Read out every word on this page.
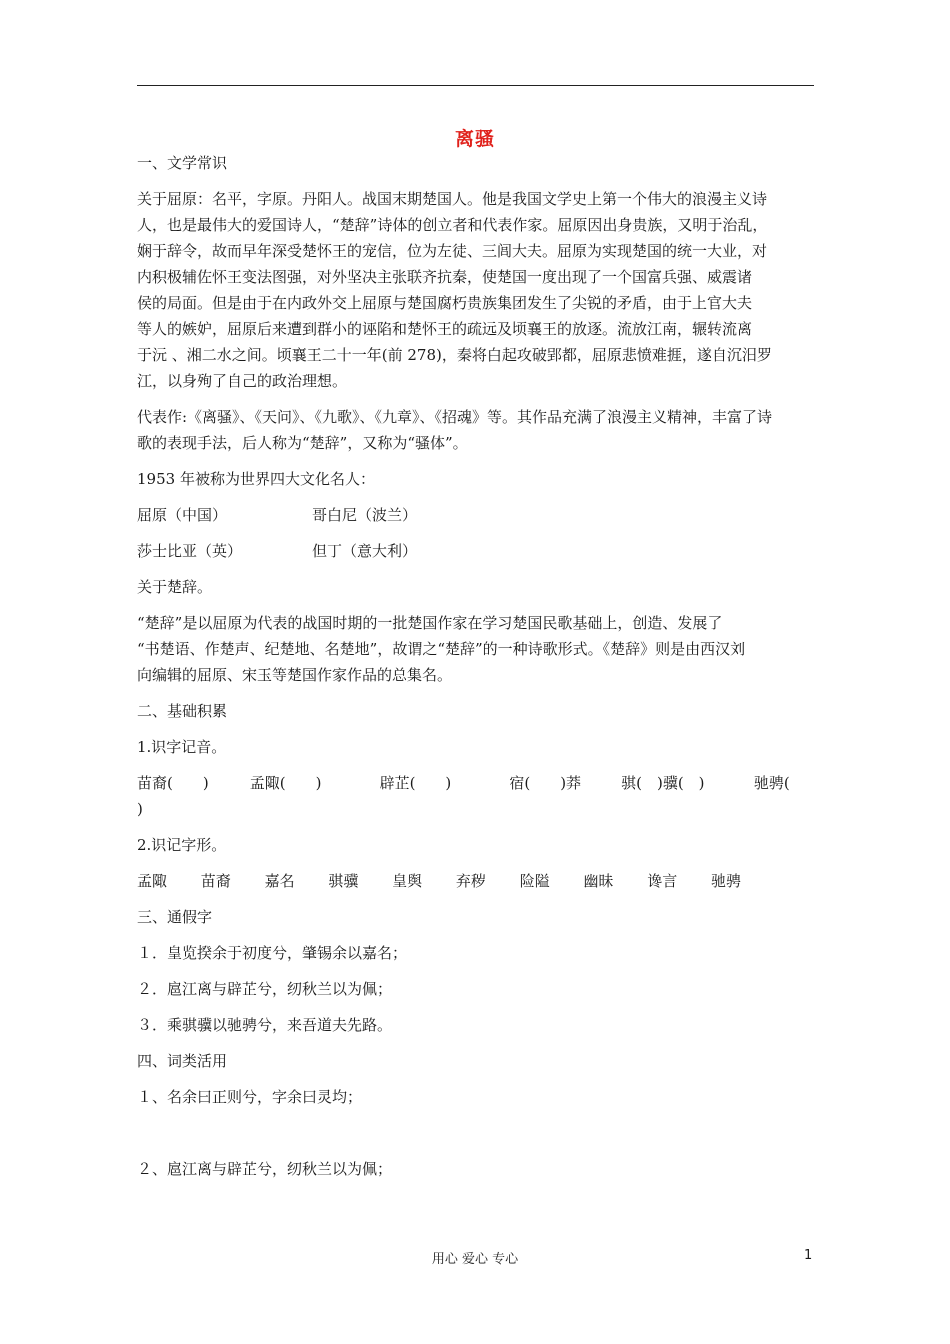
离骚
一、文学常识
关于屈原：名平，字原。丹阳人。战国末期楚国人。他是我国文学史上第一个伟大的浪漫主义诗
人，也是最伟大的爱国诗人，“楚辞”诗体的创立者和代表作家。屈原因出身贵族，又明于治乱，
娴于辞令，故而早年深受楚怀王的宠信，位为左徒、三闾大夫。屈原为实现楚国的统一大业，对
内积极辅佐怀王变法图强，对外坚决主张联齐抗秦，使楚国一度出现了一个国富兵强、威震诸
侯的局面。但是由于在内政外交上屈原与楚国腐朽贵族集团发生了尖锐的矛盾，由于上官大夫
等人的嫉妒，屈原后来遭到群小的诬陷和楚怀王的疏远及顷襄王的放逐。流放江南，辗转流离
于沅 、湘二水之间。顷襄王二十一年(前 278)，秦将白起攻破郢都，屈原悲愤难捱，遂自沉汨罗
江，以身殉了自己的政治理想。
代表作:《离骚》、《天问》、《九歌》、《九章》、《招魂》等。其作品充满了浪漫主义精神，丰富了诗
歌的表现手法，后人称为“楚辞”，又称为“骚体”。
1953 年被称为世界四大文化名人：
屈原（中国）	哥白尼（波兰）
莎士比亚（英）	但丁（意大利）
关于楚辞。
“楚辞”是以屈原为代表的战国时期的一批楚国作家在学习楚国民歌基础上，创造、发展了
“书楚语、作楚声、纪楚地、名楚地”，故谓之“楚辞”的一种诗歌形式。《楚辞》则是由西汉刘
向编辑的屈原、宋玉等楚国作家作品的总集名。
二、基础积累
1.识字记音。
苗裔(　　)	孟陬(　　)	辟芷(　　)	宿(　　)莽	骐(　)骥(　)	驰骋(
)
2.识记字形。
孟陬 苗裔 嘉名 骐骥 皇舆 弃秽 险隘 幽昧 谗言 驰骋
三、通假字
１．皇览揆余于初度兮，肇锡余以嘉名；
２．扈江离与辟芷兮，纫秋兰以为佩；
３．乘骐骥以驰骋兮，来吾道夫先路。
四、词类活用
１、名余曰正则兮，字余曰灵均；
２、扈江离与辟芷兮，纫秋兰以为佩；
用心 爱心 专心	1
